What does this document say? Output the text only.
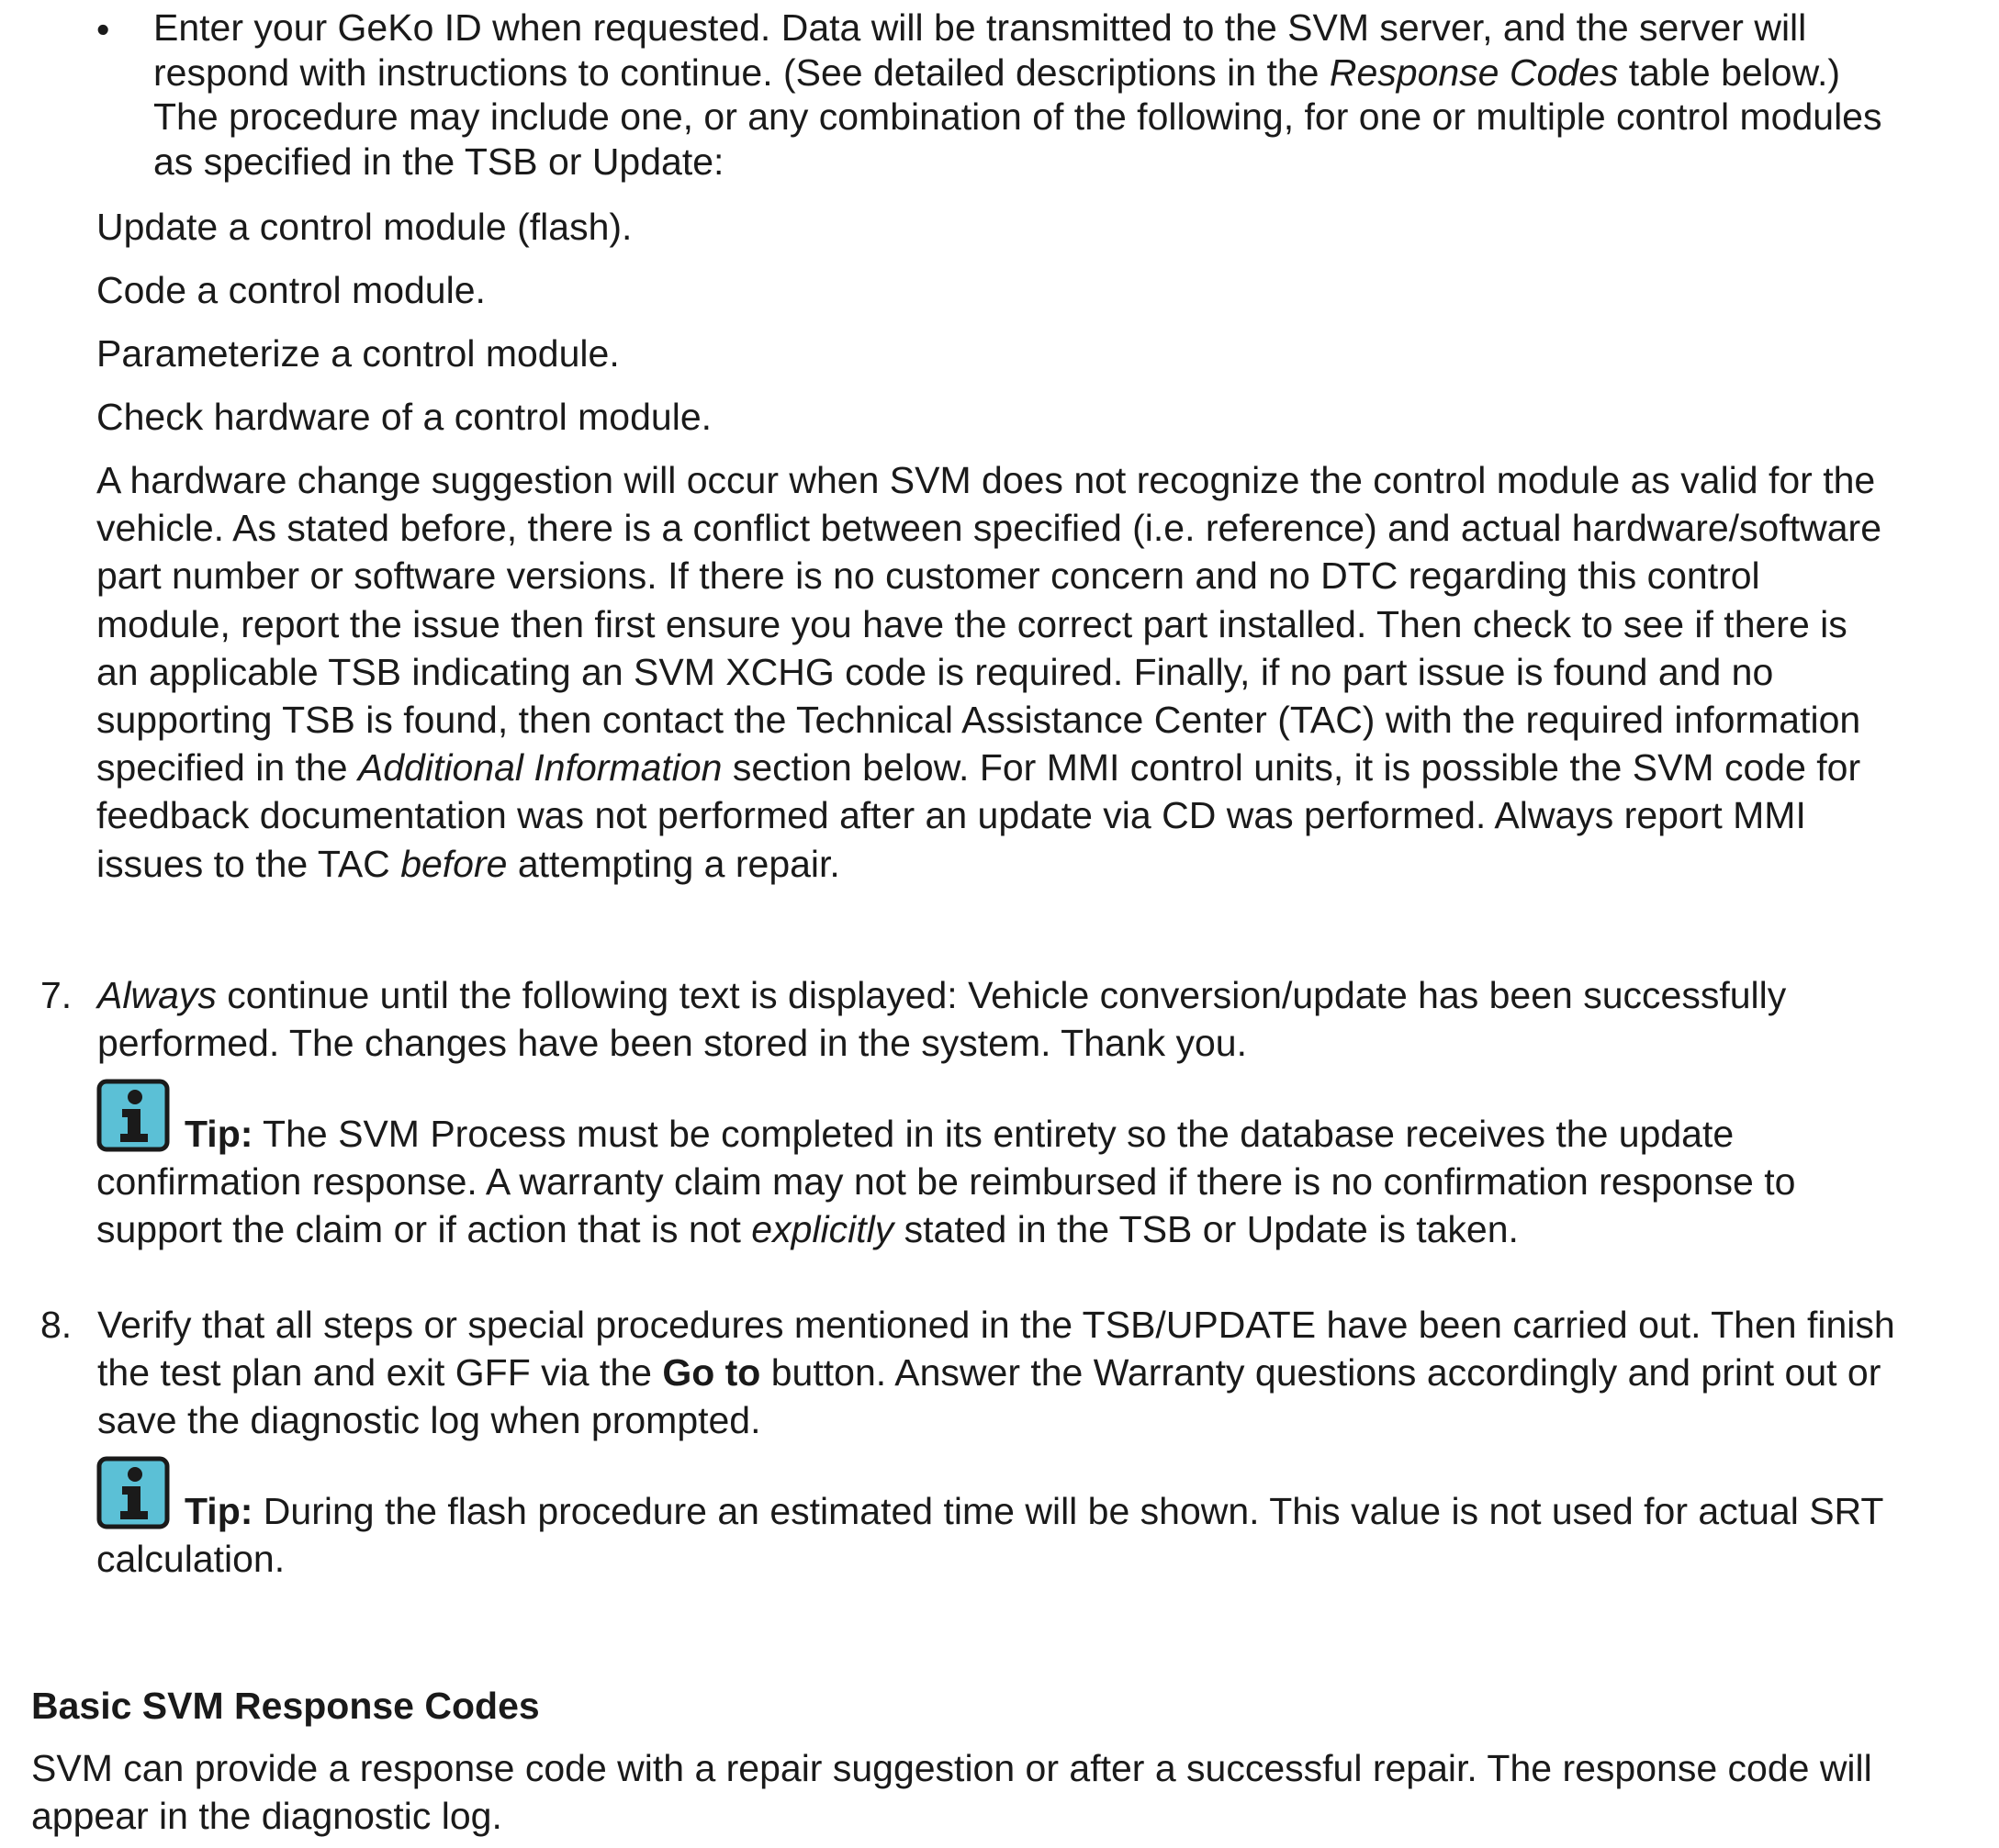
•	Enter your GeKo ID when requested. Data will be transmitted to the SVM server, and the server will respond with instructions to continue. (See detailed descriptions in the Response Codes table below.) The procedure may include one, or any combination of the following, for one or multiple control modules as specified in the TSB or Update:
Update a control module (flash).
Code a control module.
Parameterize a control module.
Check hardware of a control module.
A hardware change suggestion will occur when SVM does not recognize the control module as valid for the vehicle. As stated before, there is a conflict between specified (i.e. reference) and actual hardware/software part number or software versions. If there is no customer concern and no DTC regarding this control module, report the issue then first ensure you have the correct part installed. Then check to see if there is an applicable TSB indicating an SVM XCHG code is required. Finally, if no part issue is found and no supporting TSB is found, then contact the Technical Assistance Center (TAC) with the required information specified in the Additional Information section below. For MMI control units, it is possible the SVM code for feedback documentation was not performed after an update via CD was performed. Always report MMI issues to the TAC before attempting a repair.
7. Always continue until the following text is displayed: Vehicle conversion/update has been successfully performed. The changes have been stored in the system. Thank you.
Tip: The SVM Process must be completed in its entirety so the database receives the update confirmation response. A warranty claim may not be reimbursed if there is no confirmation response to support the claim or if action that is not explicitly stated in the TSB or Update is taken.
8. Verify that all steps or special procedures mentioned in the TSB/UPDATE have been carried out. Then finish the test plan and exit GFF via the Go to button. Answer the Warranty questions accordingly and print out or save the diagnostic log when prompted.
Tip: During the flash procedure an estimated time will be shown. This value is not used for actual SRT calculation.
Basic SVM Response Codes
SVM can provide a response code with a repair suggestion or after a successful repair. The response code will appear in the diagnostic log.
